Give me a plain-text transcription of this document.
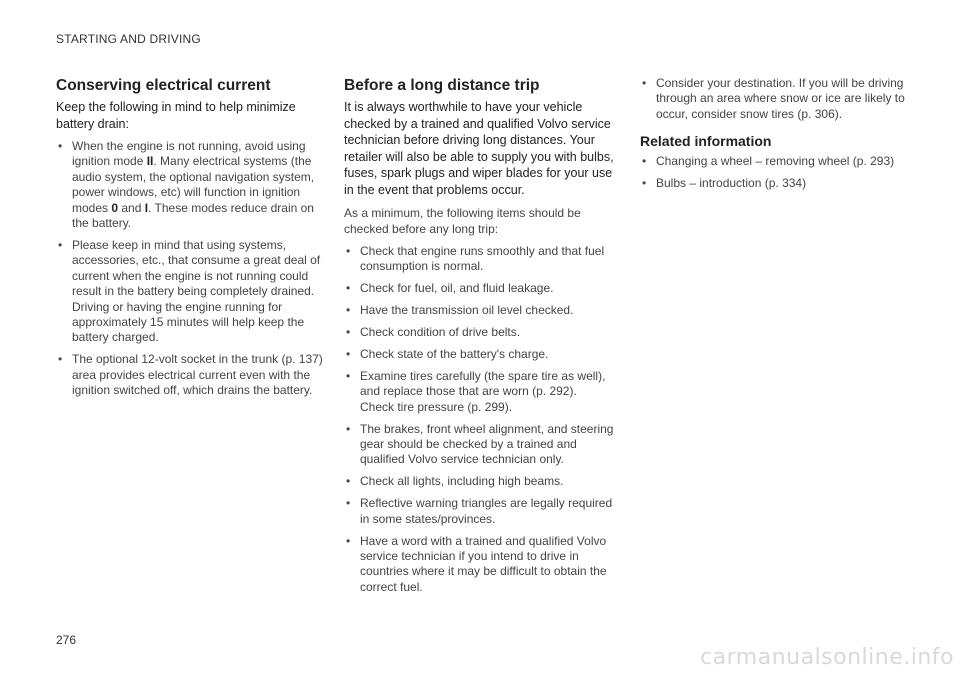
STARTING AND DRIVING
Conserving electrical current

Keep the following in mind to help minimize battery drain:

• When the engine is not running, avoid using ignition mode II. Many electrical systems (the audio system, the optional navigation system, power windows, etc) will function in ignition modes 0 and I. These modes reduce drain on the battery.
• Please keep in mind that using systems, accessories, etc., that consume a great deal of current when the engine is not running could result in the battery being completely drained. Driving or having the engine running for approximately 15 minutes will help keep the battery charged.
• The optional 12-volt socket in the trunk (p. 137) area provides electrical current even with the ignition switched off, which drains the battery.
Before a long distance trip

It is always worthwhile to have your vehicle checked by a trained and qualified Volvo service technician before driving long distances. Your retailer will also be able to supply you with bulbs, fuses, spark plugs and wiper blades for your use in the event that problems occur.

As a minimum, the following items should be checked before any long trip:

• Check that engine runs smoothly and that fuel consumption is normal.
• Check for fuel, oil, and fluid leakage.
• Have the transmission oil level checked.
• Check condition of drive belts.
• Check state of the battery's charge.
• Examine tires carefully (the spare tire as well), and replace those that are worn (p. 292). Check tire pressure (p. 299).
• The brakes, front wheel alignment, and steering gear should be checked by a trained and qualified Volvo service technician only.
• Check all lights, including high beams.
• Reflective warning triangles are legally required in some states/provinces.
• Have a word with a trained and qualified Volvo service technician if you intend to drive in countries where it may be difficult to obtain the correct fuel.
• Consider your destination. If you will be driving through an area where snow or ice are likely to occur, consider snow tires (p. 306).
Related information
• Changing a wheel – removing wheel (p. 293)
• Bulbs – introduction (p. 334)
276
carmanualsonline.info
